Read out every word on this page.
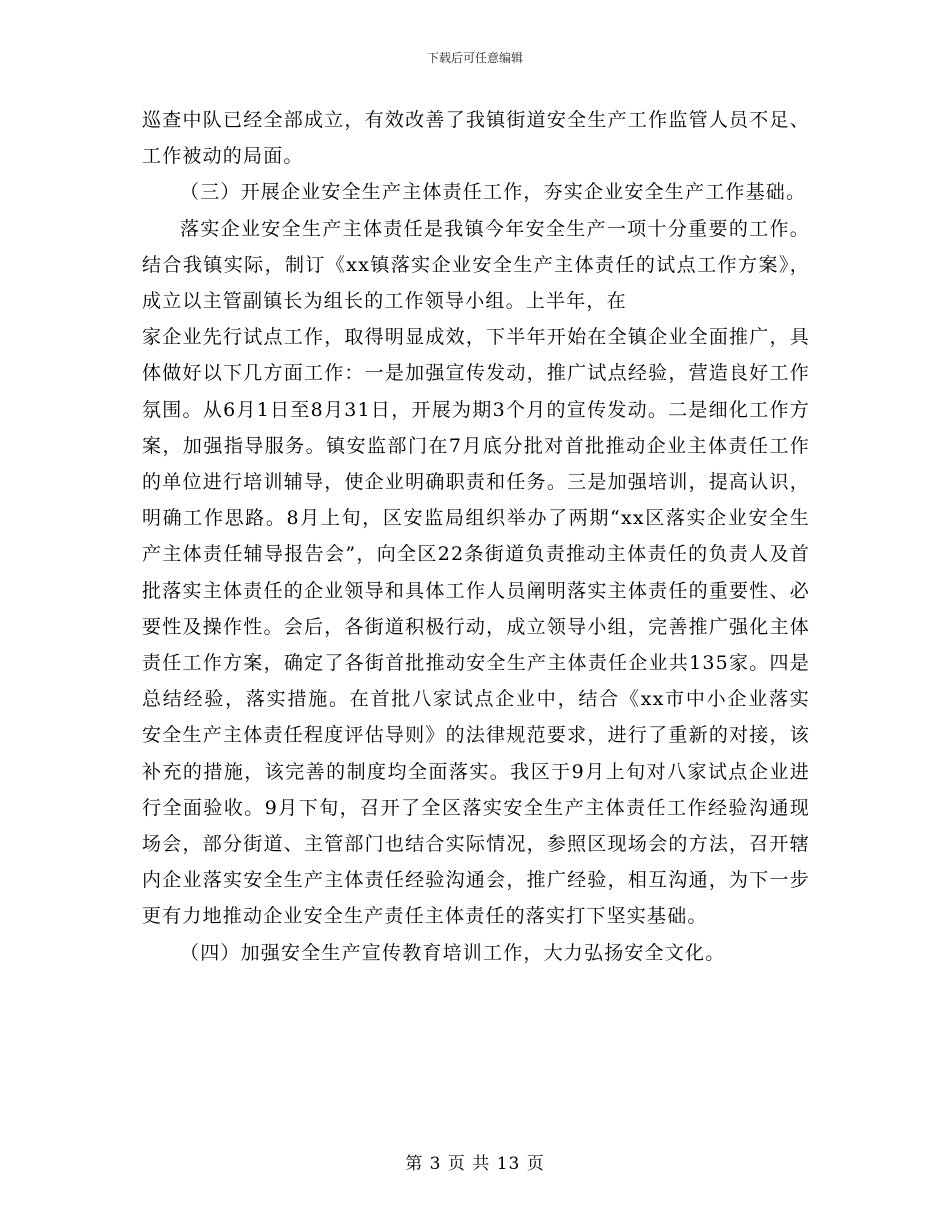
下载后可任意编辑

巡查中队已经全部成立，有效改善了我镇街道安全生产工作监管人员不足、工作被动的局面。

（三）开展企业安全生产主体责任工作，夯实企业安全生产工作基础。

落实企业安全生产主体责任是我镇今年安全生产一项十分重要的工作。结合我镇实际，制订《xx镇落实企业安全生产主体责任的试点工作方案》，成立以主管副镇长为组长的工作领导小组。上半年，在

家企业先行试点工作，取得明显成效，下半年开始在全镇企业全面推广，具体做好以下几方面工作：一是加强宣传发动，推广试点经验，营造良好工作氛围。从6月1日至8月31日，开展为期3个月的宣传发动。二是细化工作方案，加强指导服务。镇安监部门在7月底分批对首批推动企业主体责任工作的单位进行培训辅导，使企业明确职责和任务。三是加强培训，提高认识，明确工作思路。8月上旬，区安监局组织举办了两期“xx区落实企业安全生产主体责任辅导报告会”，向全区22条街道负责推动主体责任的负责人及首批落实主体责任的企业领导和具体工作人员阐明落实主体责任的重要性、必要性及操作性。会后，各街道积极行动，成立领导小组，完善推广强化主体责任工作方案，确定了各街首批推动安全生产主体责任企业共135家。四是总结经验，落实措施。在首批八家试点企业中，结合《xx市中小企业落实安全生产主体责任程度评估导则》的法律规范要求，进行了重新的对接，该补充的措施，该完善的制度均全面落实。我区于9月上旬对八家试点企业进行全面验收。9月下旬，召开了全区落实安全生产主体责任工作经验沟通现场会，部分街道、主管部门也结合实际情况，参照区现场会的方法，召开辖内企业落实安全生产主体责任经验沟通会，推广经验，相互沟通，为下一步更有力地推动企业安全生产责任主体责任的落实打下坚实基础。

（四）加强安全生产宣传教育培训工作，大力弘扬安全文化。

第 3 页 共 13 页
